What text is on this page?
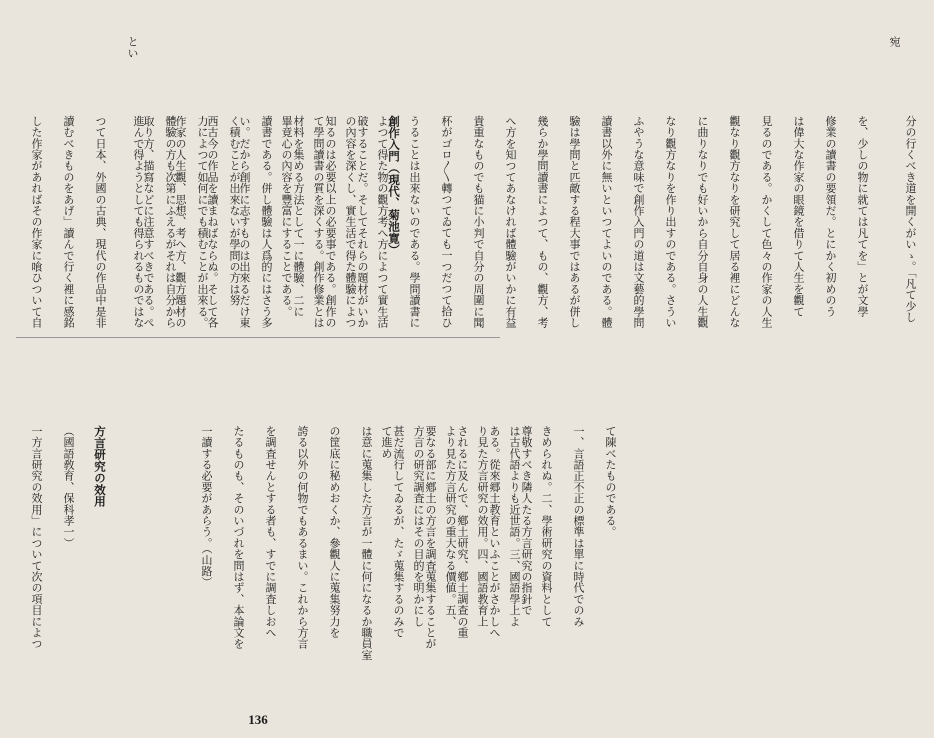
分の行くべき道を開くがいゝ。「凡て少し宛

を、少しの物に就ては凡てを」とが文學

修業の讀書の要領だ。とにかく初めのう

は偉大な作家の眼鏡を借りて人生を觀て

見るのである。かくして色々の作家の人生

觀なり觀方なりを研究して居る裡にどんな

に曲りなりでも好いから自分自身の人生觀

なり觀方なりを作り出すのである。さうい

ふやうな意味で創作入門の道は文藝的學問

讀書以外に無いといつてよいのである。體

驗は學問と匹敵する程大事ではあるが併し

幾らか學問讀書によつて、もの、觀方、考

へ方を知つてあなければ體驗がいかに有益

貴重なものでも猫に小判で自分の周圍に聞

杯がゴロ〳〵轉つてゐても一つだつて拾ひ

うることは出來ないのである。學問讀書に

よつて得た物の觀方考へ方によつて實生活

の內容を深くし、實生活で得た體驗によつ

て學問讀書の質を深くする。創作修業とは

畢竟心の內容を豐富にすることである。
	創作入門（現代、菊池寛）

破することだ。そしてそれらの題材がいか

知るのは必要以上の必要事である。創作の

材料を集める方法として一に體驗、二に

讀書である。併し體驗は人爲的にはさう多

く積むことが出來ないが學問の方は努

力によつて如何にでも積むことが出來る。

體驗の方も次第にふえるがそれは自分から

進んで得ようとしても得られるものではな
	い。だから創作に志すものは出來るだけ東

西古今の作品を讀まねばならぬ。そして各

作家の人生觀、思想、考へ方、觀方題材の

取り方、描寫などに注意すべきである。ぺとい

つて日本、外國の古典、現代の作品中是非

讀むべきものをあげ」讀んで行く裡に感銘

した作家があればその作家に喰ひついて自

て陳べたものである。

一、言語正不正の標準は單に時代でのみ

きめられぬ。二、學術研究の資料として

は古代語よりも近世語。三、國語學上よ

り見た方言研究の效用。四、國語教育上

より見た方言研究の重大なる價値。五、

方言の研究調査にはその目的を明かにし

て進め
	尊敬すべき隣人たる方言研究の指針で

ある。從來郷土教育といふことがさかしへ

されるに及んで、鄕土研究、鄕土調查の重

要なる部に鄕土の方言を調査蒐集することが

甚だ流行してゐるが、たゞ蒐集するのみで

は意に蒐集した方言が一體に何になるか職員室

の筐底に秘めおくか、參觀人に蒐集努力を

誇る以外の何物でもあるまい。これから方言

を調査せんとする者も、すでに調査しおへ

たるものも、そのいづれを問はず、本論文を

一讀する必要があらう。（山路）

方言研究の效用

（國語敎育、保科孝一）

一方言研究の效用」について次の項目によつ

136
